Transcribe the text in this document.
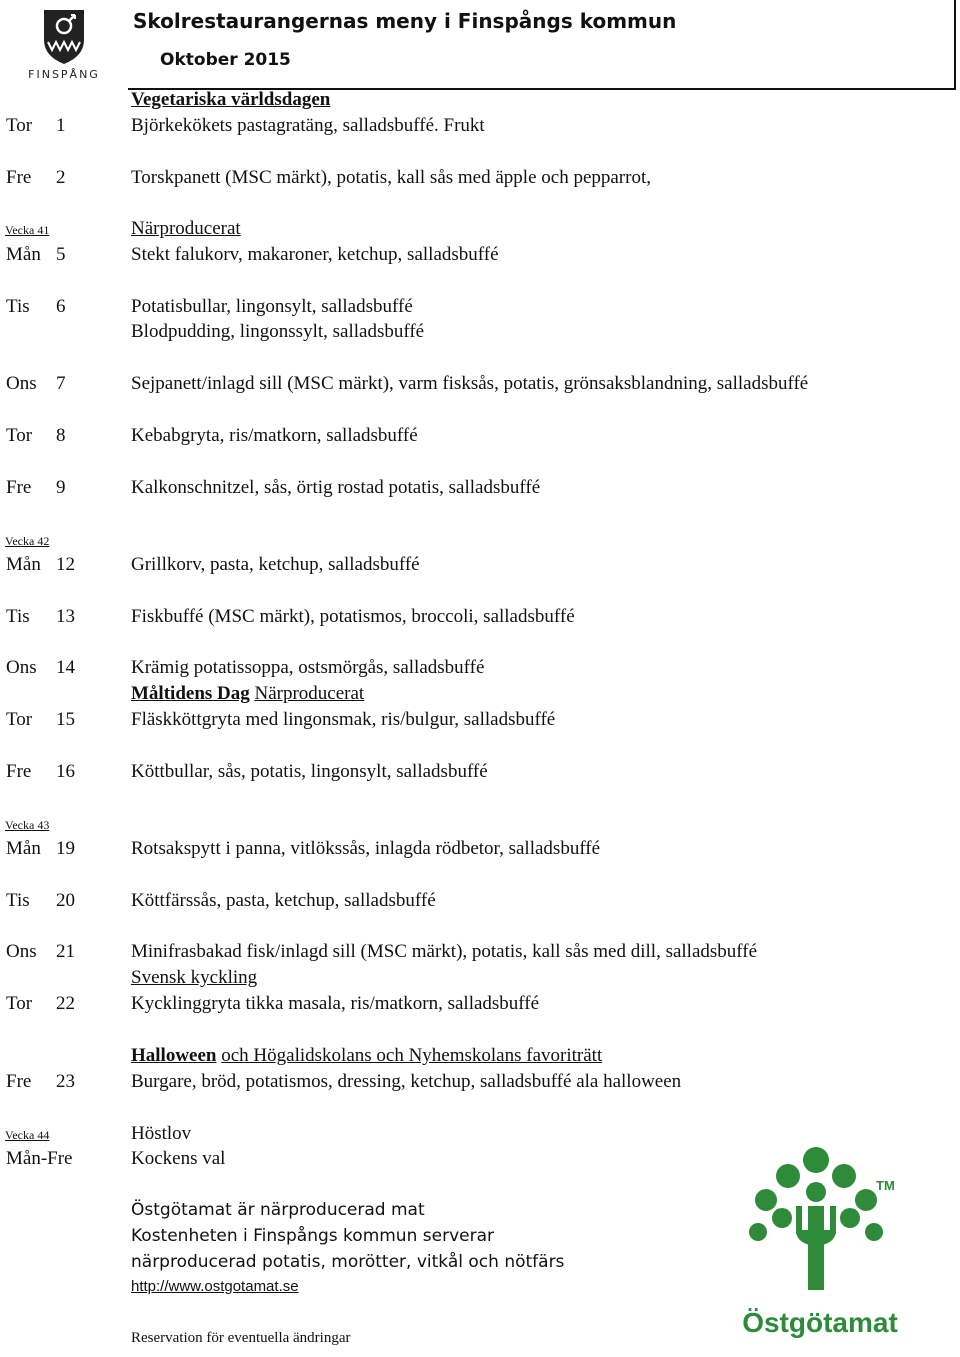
FINSPÅNG
Skolrestaurangernas meny i Finspångs kommun
Oktober 2015
Vegetariska världsdagen
Tor 1	Björkekökets pastagratäng, salladsbuffé. Frukt
Fre 2	Torskpanett (MSC märkt), potatis, kall sås med äpple och pepparrot,
Vecka 41	Närproducerat
Mån 5	Stekt falukorv, makaroner, ketchup, salladsbuffé
Tis 6	Potatisbullar, lingonsylt, salladsbuffé
Blodpudding, lingonssylt, salladsbuffé
Ons 7	Sejpanett/inlagd sill (MSC märkt), varm fisksås, potatis, grönsaksblandning, salladsbuffé
Tor 8	Kebabgryta, ris/matkorn, salladsbuffé
Fre 9	Kalkonschnitzel, sås, örtig rostad potatis, salladsbuffé
Vecka 42
Mån 12	Grillkorv, pasta, ketchup, salladsbuffé
Tis 13	Fiskbuffé (MSC märkt), potatismos, broccoli, salladsbuffé
Ons 14	Krämig potatissoppa, ostsmörgås, salladsbuffé
Måltidens Dag Närproducerat
Tor 15	Fläskköttgryta med lingonsmak, ris/bulgur, salladsbuffé
Fre 16	Köttbullar, sås, potatis, lingonsylt, salladsbuffé
Vecka 43
Mån 19	Rotsakspytt i panna, vitlökssås, inlagda rödbetor, salladsbuffé
Tis 20	Köttfärssås, pasta, ketchup, salladsbuffé
Ons 21	Minifrasbakad fisk/inlagd sill (MSC märkt), potatis, kall sås med dill, salladsbuffé
Svensk kyckling
Tor 22	Kycklinggryta tikka masala, ris/matkorn, salladsbuffé
Halloween och Högalidskolans och Nyhemskolans favoriträtt
Fre 23	Burgare, bröd, potatismos, dressing, ketchup, salladsbuffé ala halloween
Vecka 44	Höstlov
Mån-Fre	Kockens val
Östgötamat är närproducerad mat
Kostenheten i Finspångs kommun serverar
närproducerad potatis, morötter, vitkål och nötfärs
http://www.ostgotamat.se
Reservation för eventuella ändringar
TM
Östgötamat
